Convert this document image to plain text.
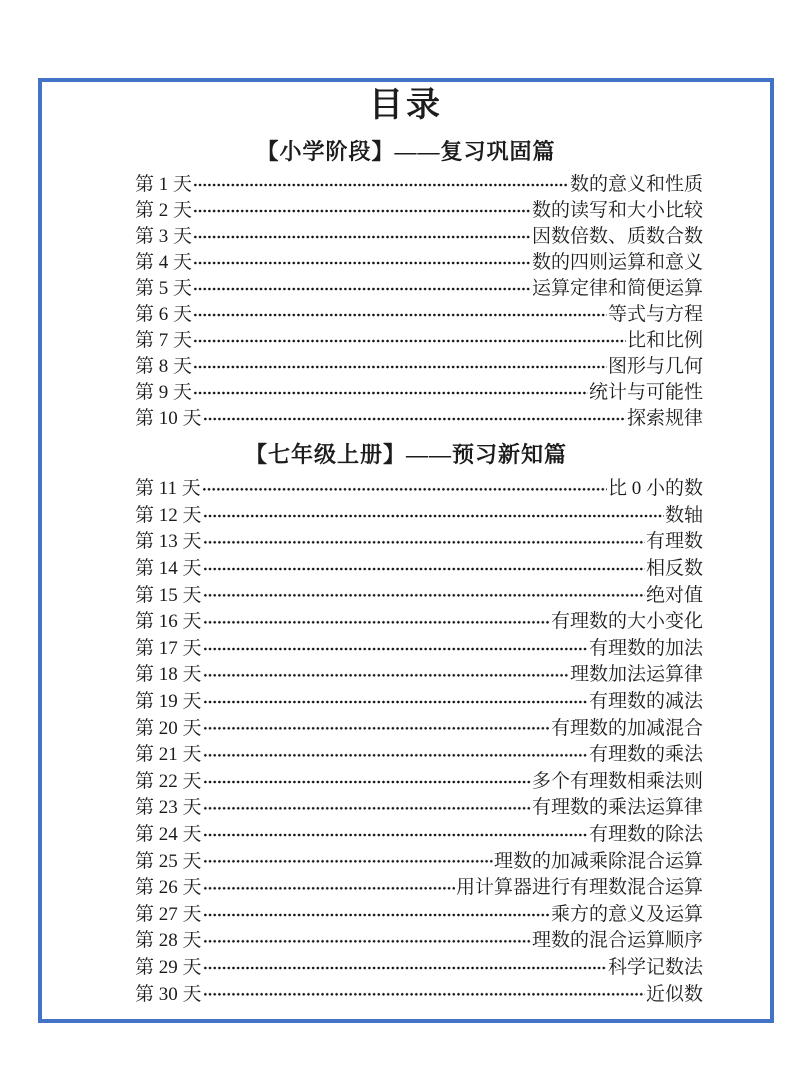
目录
【小学阶段】——复习巩固篇
第 1 天	数的意义和性质
第 2 天	数的读写和大小比较
第 3 天	因数倍数、质数合数
第 4 天	数的四则运算和意义
第 5 天	运算定律和简便运算
第 6 天	等式与方程
第 7 天	比和比例
第 8 天	图形与几何
第 9 天	统计与可能性
第 10 天	探索规律
【七年级上册】——预习新知篇
第 11 天	比 0 小的数
第 12 天	数轴
第 13 天	有理数
第 14 天	相反数
第 15 天	绝对值
第 16 天	有理数的大小变化
第 17 天	有理数的加法
第 18 天	理数加法运算律
第 19 天	有理数的减法
第 20 天	有理数的加减混合
第 21 天	有理数的乘法
第 22 天	多个有理数相乘法则
第 23 天	有理数的乘法运算律
第 24 天	有理数的除法
第 25 天	理数的加减乘除混合运算
第 26 天	用计算器进行有理数混合运算
第 27 天	乘方的意义及运算
第 28 天	理数的混合运算顺序
第 29 天	科学记数法
第 30 天	近似数
